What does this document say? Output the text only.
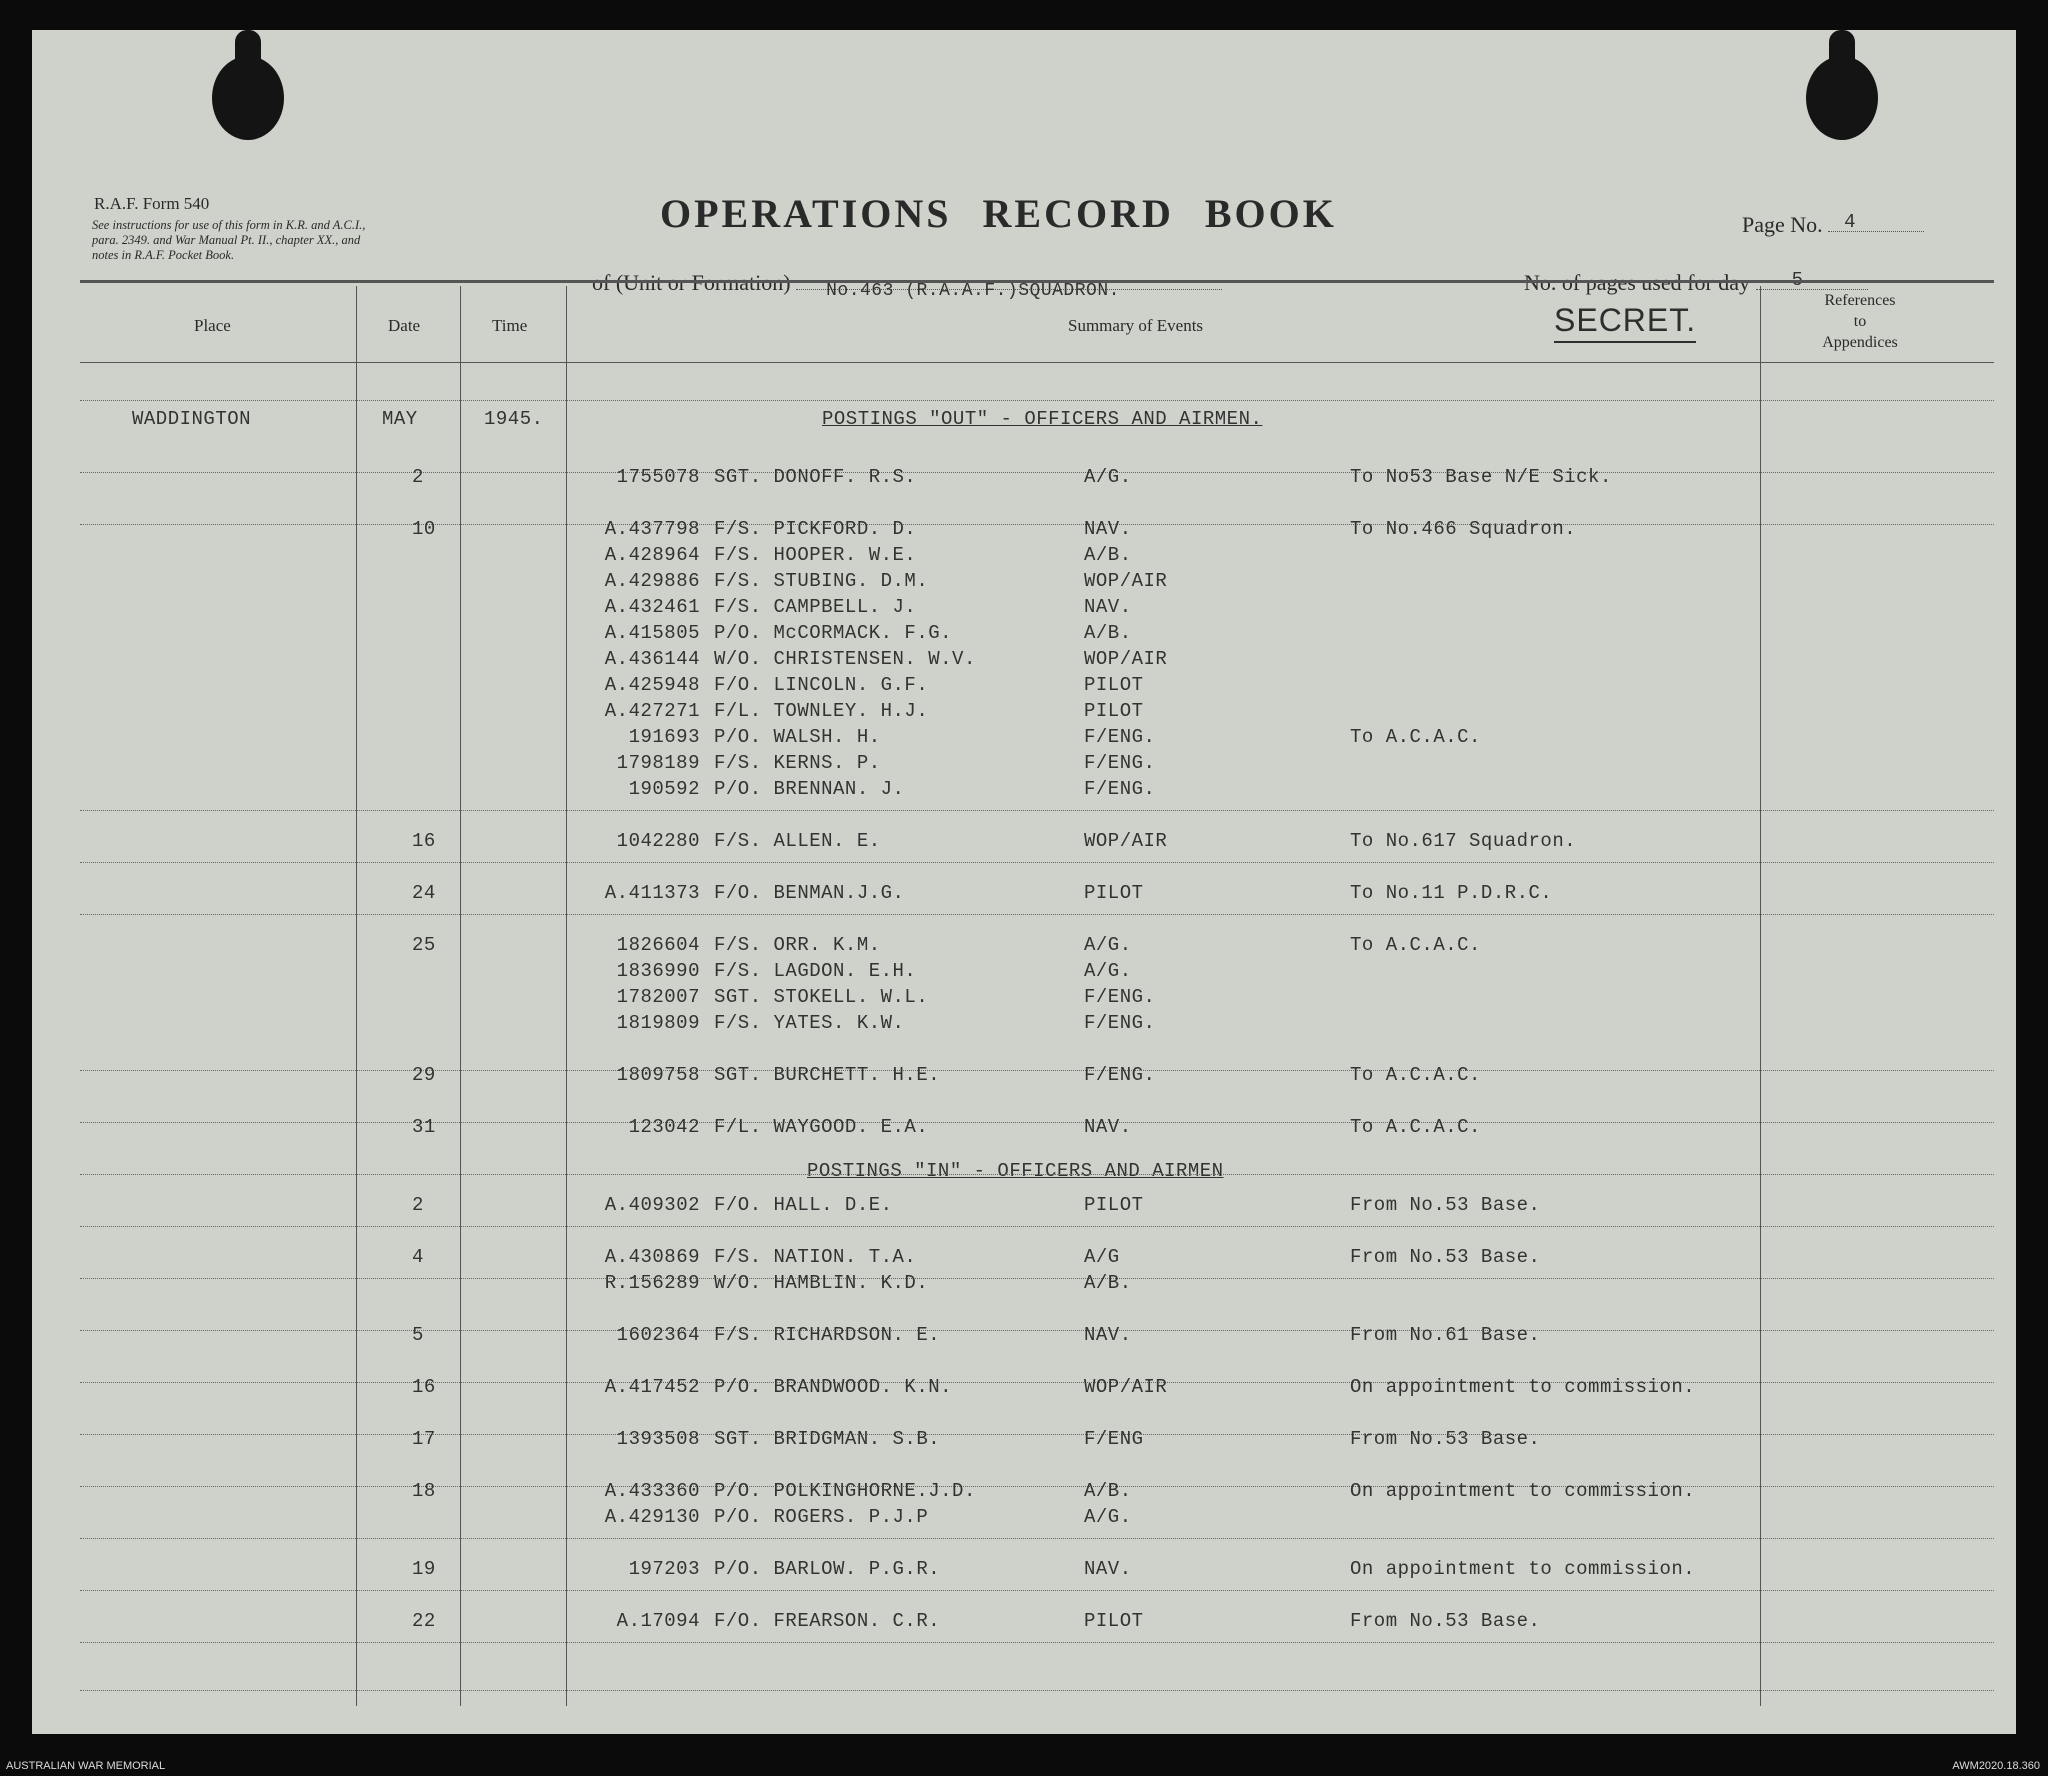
R.A.F. Form 540
See instructions for use of this form in K.R. and A.C.I.,
para. 2349. and War Manual Pt. II., chapter XX., and
notes in R.A.F. Pocket Book.
OPERATIONS RECORD BOOK	Page No. 4
of (Unit or Formation) No.463 (R.A.A.F.)SQUADRON.	No. of pages used for day 5
Place	Date	Time	Summary of Events	SECRET.
References
to
Appendices
WADDINGTON	MAY	1945.	POSTINGS "OUT" - OFFICERS AND AIRMEN.
POSTINGS "IN" - OFFICERS AND AIRMEN
2	1755078 SGT. DONOFF. R.S.	A/G.	To No53 Base N/E Sick.
10	A.437798 F/S. PICKFORD. D.	NAV.	To No.466 Squadron.
A.428964 F/S. HOOPER. W.E.	A/B.
A.429886 F/S. STUBING. D.M.	WOP/AIR
A.432461 F/S. CAMPBELL. J.	NAV.
A.415805 P/O. McCORMACK. F.G.	A/B.
A.436144 W/O. CHRISTENSEN. W.V.	WOP/AIR
A.425948 F/O. LINCOLN. G.F.	PILOT
A.427271 F/L. TOWNLEY. H.J.	PILOT
191693 P/O. WALSH. H.	F/ENG.	To A.C.A.C.
1798189 F/S. KERNS. P.	F/ENG.
190592 P/O. BRENNAN. J.	F/ENG.
16	1042280 F/S. ALLEN. E.	WOP/AIR	To No.617 Squadron.
24	A.411373 F/O. BENMAN.J.G.	PILOT	To No.11 P.D.R.C.
25	1826604 F/S. ORR. K.M.	A/G.	To A.C.A.C.
1836990 F/S. LAGDON. E.H.	A/G.
1782007 SGT. STOKELL. W.L.	F/ENG.
1819809 F/S. YATES. K.W.	F/ENG.
29	1809758 SGT. BURCHETT. H.E.	F/ENG.	To A.C.A.C.
31	123042 F/L. WAYGOOD. E.A.	NAV.	To A.C.A.C.
2	A.409302 F/O. HALL. D.E.	PILOT	From No.53 Base.
4	A.430869 F/S. NATION. T.A.	A/G	From No.53 Base.
R.156289 W/O. HAMBLIN. K.D.	A/B.
5	1602364 F/S. RICHARDSON. E.	NAV.	From No.61 Base.
16	A.417452 P/O. BRANDWOOD. K.N.	WOP/AIR	On appointment to commission.
17	1393508 SGT. BRIDGMAN. S.B.	F/ENG	From No.53 Base.
18	A.433360 P/O. POLKINGHORNE.J.D.	A/B.	On appointment to commission.
A.429130 P/O. ROGERS. P.J.P	A/G.
19	197203 P/O. BARLOW. P.G.R.	NAV.	On appointment to commission.
22	A.17094 F/O. FREARSON. C.R.	PILOT	From No.53 Base.
AUSTRALIAN WAR MEMORIAL	AWM2020.18.360
